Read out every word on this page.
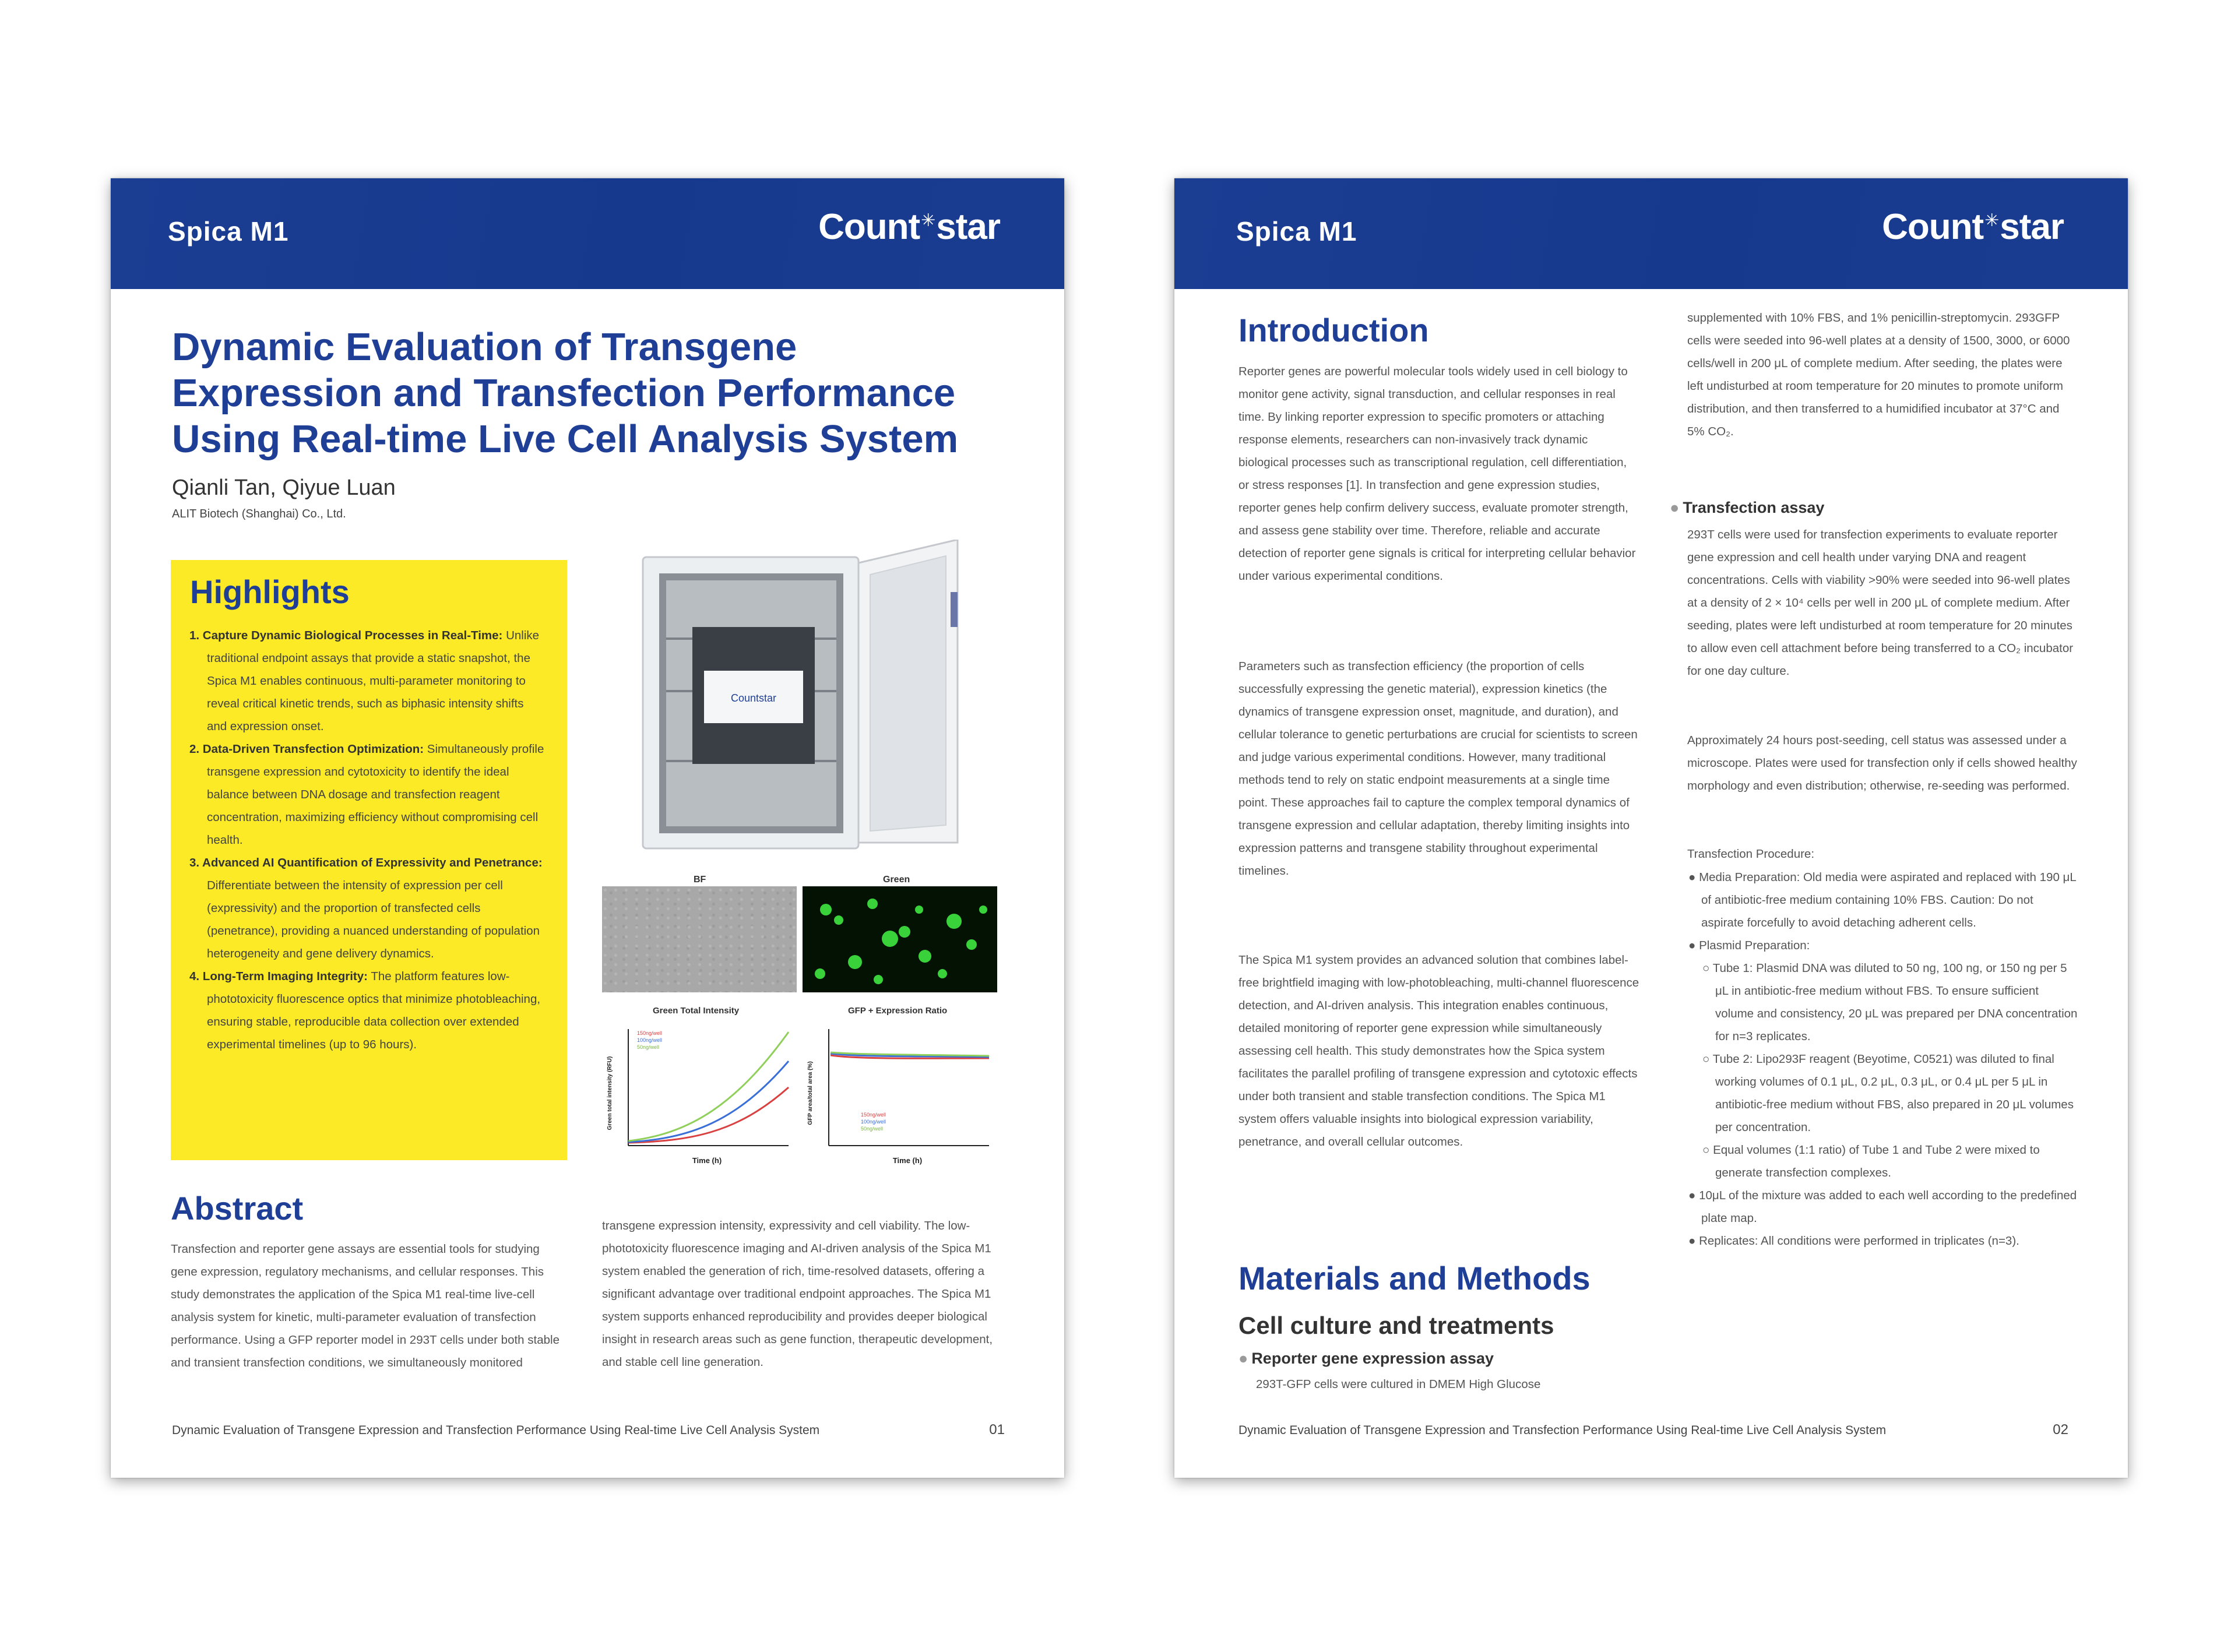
Spica M1	Count✳star
Dynamic Evaluation of Transgene
Expression and Transfection Performance
Using Real-time Live Cell Analysis System
Qianli Tan, Qiyue Luan
ALIT Biotech (Shanghai) Co., Ltd.
Highlights
1. Capture Dynamic Biological Processes in Real-Time: Unlike traditional endpoint assays that provide a static snapshot, the Spica M1 enables continuous, multi-parameter monitoring to reveal critical kinetic trends, such as biphasic intensity shifts and expression onset.
2. Data-Driven Transfection Optimization: Simultaneously profile transgene expression and cytotoxicity to identify the ideal balance between DNA dosage and transfection reagent concentration, maximizing efficiency without compromising cell health.
3. Advanced AI Quantification of Expressivity and Penetrance: Differentiate between the intensity of expression per cell (expressivity) and the proportion of transfected cells (penetrance), providing a nuanced understanding of population heterogeneity and gene delivery dynamics.
4. Long-Term Imaging Integrity: The platform features low-phototoxicity fluorescence optics that minimize photobleaching, ensuring stable, reproducible data collection over extended experimental timelines (up to 96 hours).
Countstar
BF	Green
Green Total Intensity
150ng/well
100ng/well
50ng/well
Time (h)
Green total intensity (RFU)
GFP + Expression Ratio
150ng/well
100ng/well
50ng/well
Time (h)
GFP area/total area (%)
Abstract

Transfection and reporter gene assays are essential tools for studying gene expression, regulatory mechanisms, and cellular responses. This study demonstrates the application of the Spica M1 real-time live-cell analysis system for kinetic, multi-parameter evaluation of transfection performance. Using a GFP reporter model in 293T cells under both stable and transient transfection conditions, we simultaneously monitored

transgene expression intensity, expressivity and cell viability. The low-phototoxicity fluorescence imaging and AI-driven analysis of the Spica M1 system enabled the generation of rich, time-resolved datasets, offering a significant advantage over traditional endpoint approaches. The Spica M1 system supports enhanced reproducibility and provides deeper biological insight in research areas such as gene function, therapeutic development, and stable cell line generation.

Dynamic Evaluation of Transgene Expression and Transfection Performance Using Real-time Live Cell Analysis System	01
Spica M1	Count✳star
Introduction

Reporter genes are powerful molecular tools widely used in cell biology to monitor gene activity, signal transduction, and cellular responses in real time. By linking reporter expression to specific promoters or attaching response elements, researchers can non-invasively track dynamic biological processes such as transcriptional regulation, cell differentiation, or stress responses [1]. In transfection and gene expression studies, reporter genes help confirm delivery success, evaluate promoter strength, and assess gene stability over time. Therefore, reliable and accurate detection of reporter gene signals is critical for interpreting cellular behavior under various experimental conditions.

Parameters such as transfection efficiency (the proportion of cells successfully expressing the genetic material), expression kinetics (the dynamics of transgene expression onset, magnitude, and duration), and cellular tolerance to genetic perturbations are crucial for scientists to screen and judge various experimental conditions. However, many traditional methods tend to rely on static endpoint measurements at a single time point. These approaches fail to capture the complex temporal dynamics of transgene expression and cellular adaptation, thereby limiting insights into expression patterns and transgene stability throughout experimental timelines.

The Spica M1 system provides an advanced solution that combines label-free brightfield imaging with low-photobleaching, multi-channel fluorescence detection, and AI-driven analysis. This integration enables continuous, detailed monitoring of reporter gene expression while simultaneously assessing cell health. This study demonstrates how the Spica system facilitates the parallel profiling of transgene expression and cytotoxic effects under both transient and stable transfection conditions. The Spica M1 system offers valuable insights into biological expression variability, penetrance, and overall cellular outcomes.

Materials and Methods
Cell culture and treatments
● Reporter gene expression assay

293T-GFP cells were cultured in DMEM High Glucose

supplemented with 10% FBS, and 1% penicillin-streptomycin. 293GFP cells were seeded into 96-well plates at a density of 1500, 3000, or 6000 cells/well in 200 μL of complete medium. After seeding, the plates were left undisturbed at room temperature for 20 minutes to promote uniform distribution, and then transferred to a humidified incubator at 37°C and 5% CO₂.

● Transfection assay

293T cells were used for transfection experiments to evaluate reporter gene expression and cell health under varying DNA and reagent concentrations. Cells with viability >90% were seeded into 96-well plates at a density of 2 × 10⁴ cells per well in 200 μL of complete medium. After seeding, plates were left undisturbed at room temperature for 20 minutes to allow even cell attachment before being transferred to a CO₂ incubator for one day culture.

Approximately 24 hours post-seeding, cell status was assessed under a microscope. Plates were used for transfection only if cells showed healthy morphology and even distribution; otherwise, re-seeding was performed.

Transfection Procedure:
● Media Preparation: Old media were aspirated and replaced with 190 μL of antibiotic-free medium containing 10% FBS. Caution: Do not aspirate forcefully to avoid detaching adherent cells.
● Plasmid Preparation:
○ Tube 1: Plasmid DNA was diluted to 50 ng, 100 ng, or 150 ng per 5 μL in antibiotic-free medium without FBS. To ensure sufficient volume and consistency, 20 μL was prepared per DNA concentration for n=3 replicates.
○ Tube 2: Lipo293F reagent (Beyotime, C0521) was diluted to final working volumes of 0.1 μL, 0.2 μL, 0.3 μL, or 0.4 μL per 5 μL in antibiotic-free medium without FBS, also prepared in 20 μL volumes per concentration.
○ Equal volumes (1:1 ratio) of Tube 1 and Tube 2 were mixed to generate transfection complexes.
● 10μL of the mixture was added to each well according to the predefined plate map.
● Replicates: All conditions were performed in triplicates (n=3).
Dynamic Evaluation of Transgene Expression and Transfection Performance Using Real-time Live Cell Analysis System	02
